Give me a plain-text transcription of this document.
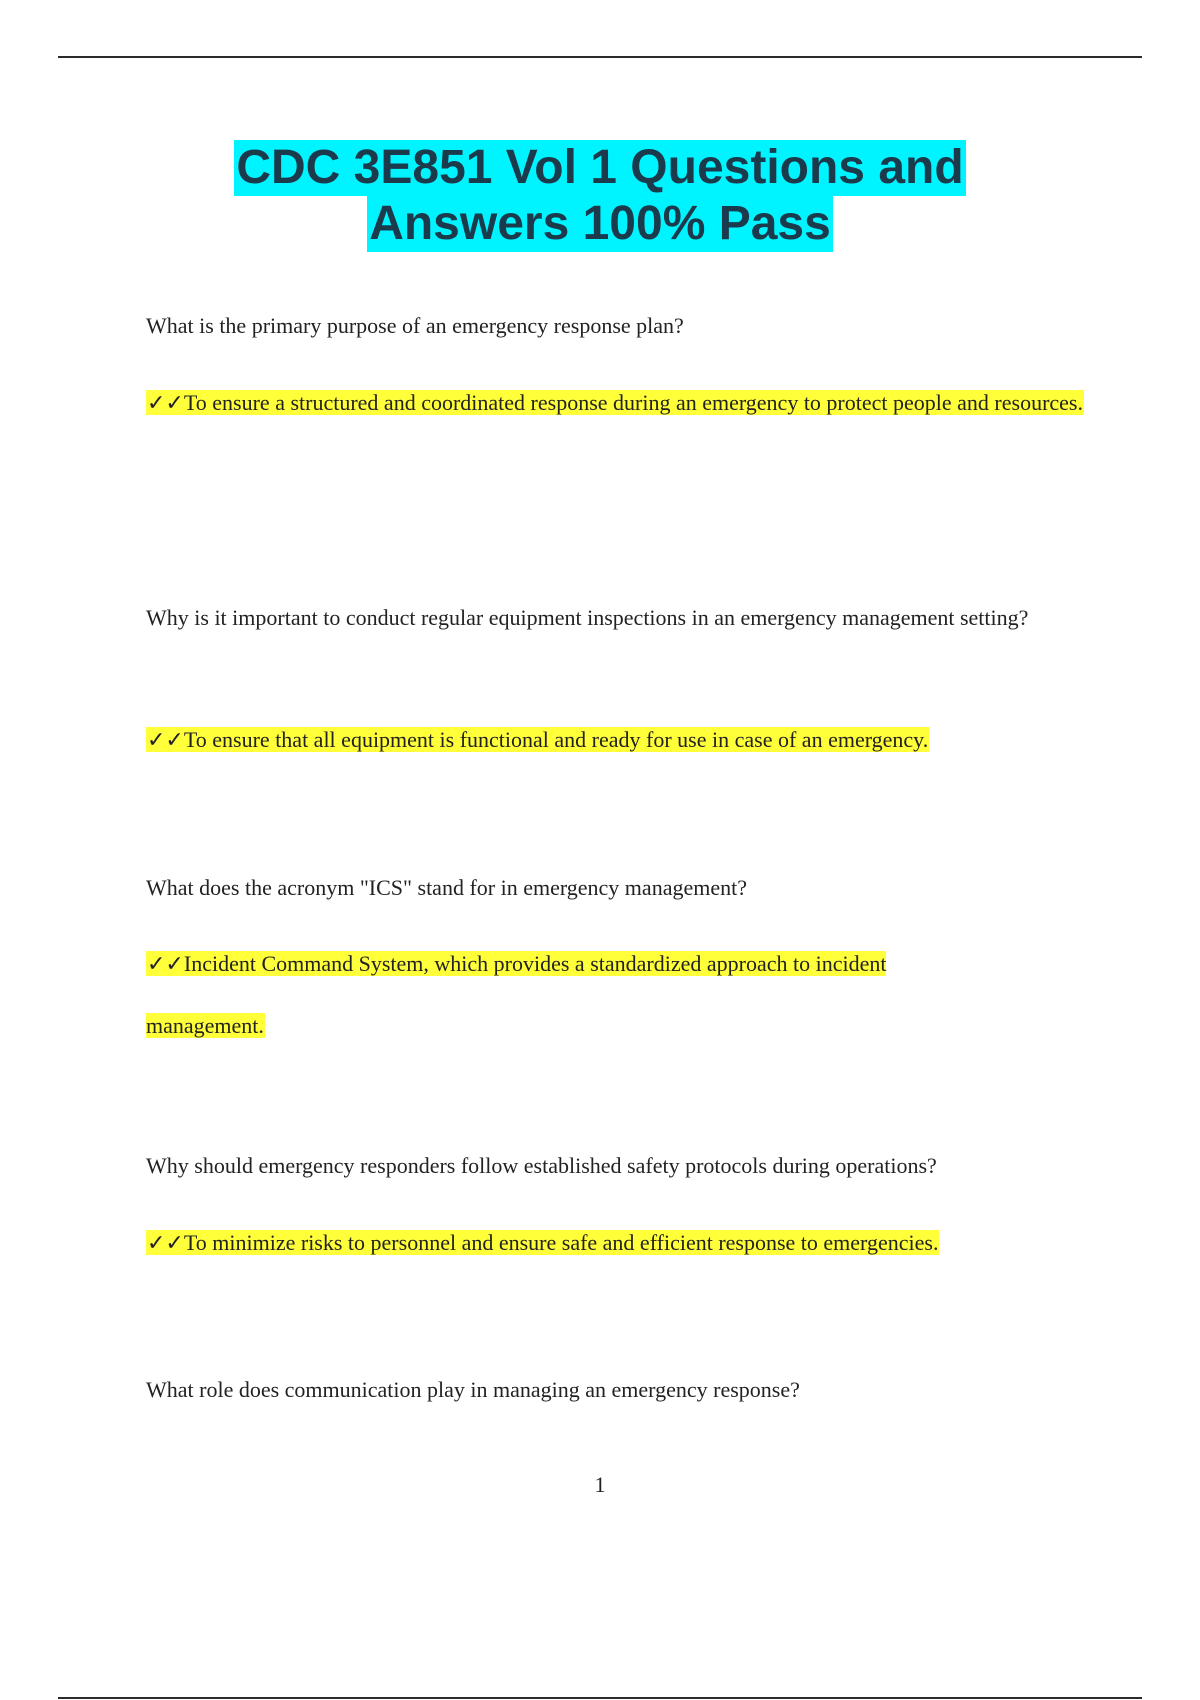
CDC 3E851 Vol 1 Questions and
Answers 100% Pass
What is the primary purpose of an emergency response plan?
✓✓To ensure a structured and coordinated response during an emergency to protect people and resources.
Why is it important to conduct regular equipment inspections in an emergency management setting?
✓✓To ensure that all equipment is functional and ready for use in case of an emergency.
What does the acronym "ICS" stand for in emergency management?
✓✓Incident Command System, which provides a standardized approach to incident management.
Why should emergency responders follow established safety protocols during operations?
✓✓To minimize risks to personnel and ensure safe and efficient response to emergencies.
What role does communication play in managing an emergency response?
1
